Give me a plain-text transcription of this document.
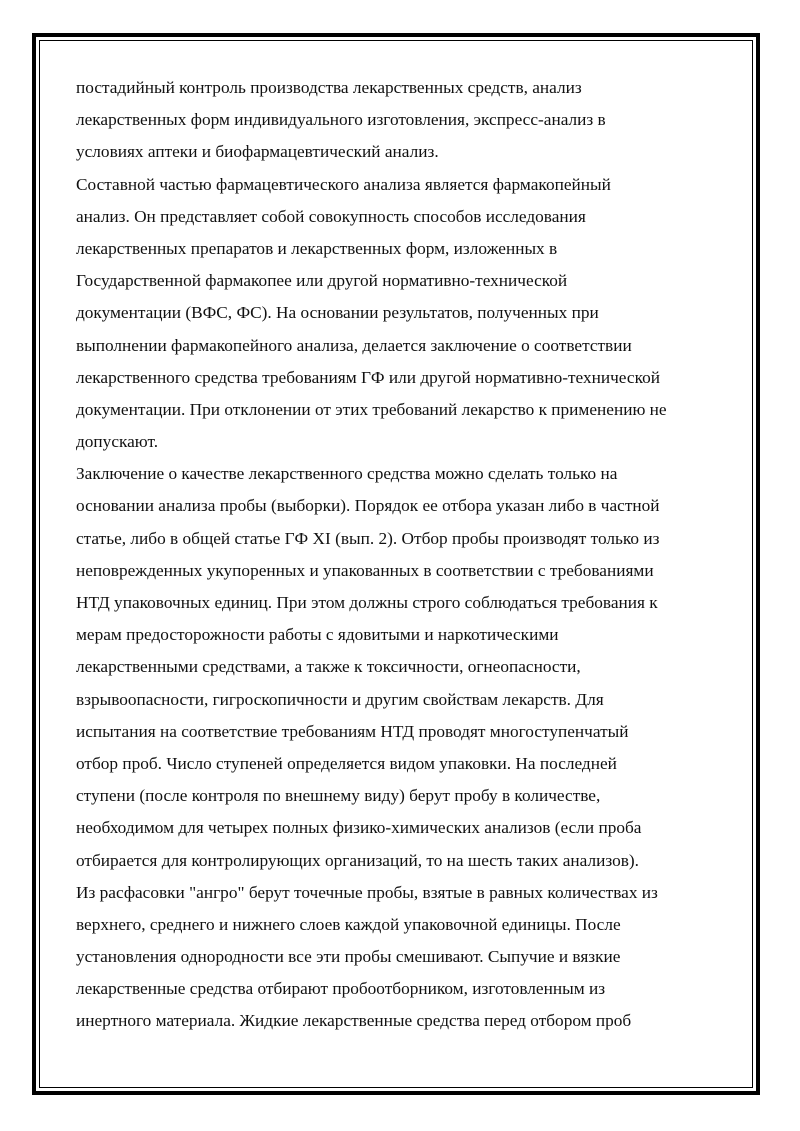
постадийный контроль производства лекарственных средств, анализ
лекарственных форм индивидуального изготовления, экспресс-анализ в
условиях аптеки и биофармацевтический анализ.

Составной частью фармацевтического анализа является фармакопейный
анализ. Он представляет собой совокупность способов исследования
лекарственных препаратов и лекарственных форм, изложенных в
Государственной фармакопее или другой нормативно-технической
документации (ВФС, ФС). На основании результатов, полученных при
выполнении фармакопейного анализа, делается заключение о соответствии
лекарственного средства требованиям ГФ или другой нормативно-технической
документации. При отклонении от этих требований лекарство к применению не
допускают.

Заключение о качестве лекарственного средства можно сделать только на
основании анализа пробы (выборки). Порядок ее отбора указан либо в частной
статье, либо в общей статье ГФ XI (вып. 2). Отбор пробы производят только из
неповрежденных укупоренных и упакованных в соответствии с требованиями
НТД упаковочных единиц. При этом должны строго соблюдаться требования к
мерам предосторожности работы с ядовитыми и наркотическими
лекарственными средствами, а также к токсичности, огнеопасности,
взрывоопасности, гигроскопичности и другим свойствам лекарств. Для
испытания на соответствие требованиям НТД проводят многоступенчатый
отбор проб. Число ступеней определяется видом упаковки. На последней
ступени (после контроля по внешнему виду) берут пробу в количестве,
необходимом для четырех полных физико-химических анализов (если проба
отбирается для контролирующих организаций, то на шесть таких анализов).

Из расфасовки "ангро" берут точечные пробы, взятые в равных количествах из
верхнего, среднего и нижнего слоев каждой упаковочной единицы. После
установления однородности все эти пробы смешивают. Сыпучие и вязкие
лекарственные средства отбирают пробоотборником, изготовленным из
инертного материала. Жидкие лекарственные средства перед отбором проб
